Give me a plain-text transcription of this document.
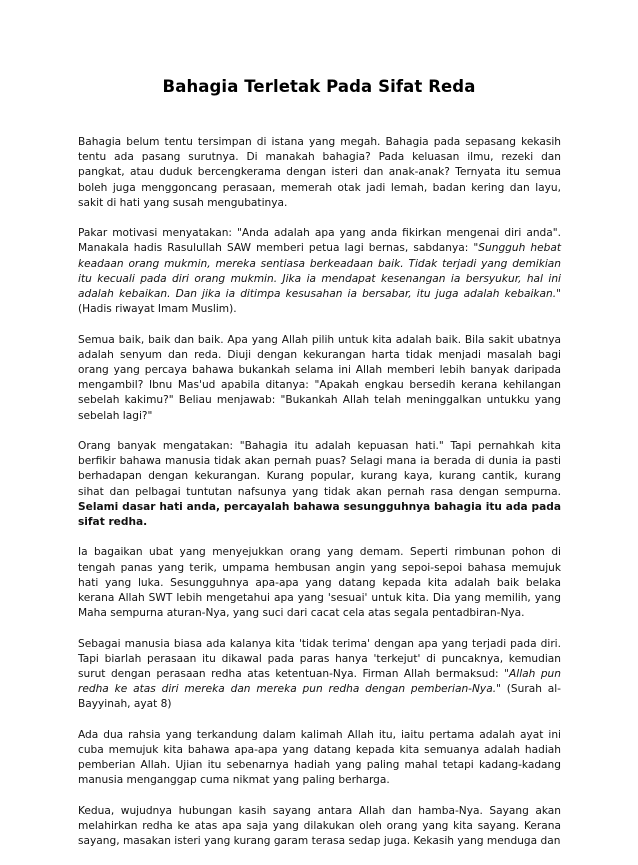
Bahagia Terletak Pada Sifat Reda

Bahagia belum tentu tersimpan di istana yang megah. Bahagia pada sepasang kekasih tentu ada pasang surutnya. Di manakah bahagia? Pada keluasan ilmu, rezeki dan pangkat, atau duduk bercengkerama dengan isteri dan anak-anak? Ternyata itu semua boleh juga menggoncang perasaan, memerah otak jadi lemah, badan kering dan layu, sakit di hati yang susah mengubatinya.

Pakar motivasi menyatakan: "Anda adalah apa yang anda fikirkan mengenai diri anda". Manakala hadis Rasulullah SAW memberi petua lagi bernas, sabdanya: "Sungguh hebat keadaan orang mukmin, mereka sentiasa berkeadaan baik. Tidak terjadi yang demikian itu kecuali pada diri orang mukmin. Jika ia mendapat kesenangan ia bersyukur, hal ini adalah kebaikan. Dan jika ia ditimpa kesusahan ia bersabar, itu juga adalah kebaikan." (Hadis riwayat Imam Muslim).

Semua baik, baik dan baik. Apa yang Allah pilih untuk kita adalah baik. Bila sakit ubatnya adalah senyum dan reda. Diuji dengan kekurangan harta tidak menjadi masalah bagi orang yang percaya bahawa bukankah selama ini Allah memberi lebih banyak daripada mengambil? Ibnu Mas'ud apabila ditanya: "Apakah engkau bersedih kerana kehilangan sebelah kakimu?" Beliau menjawab: "Bukankah Allah telah meninggalkan untukku yang sebelah lagi?"

Orang banyak mengatakan: "Bahagia itu adalah kepuasan hati." Tapi pernahkah kita berfikir bahawa manusia tidak akan pernah puas? Selagi mana ia berada di dunia ia pasti berhadapan dengan kekurangan. Kurang popular, kurang kaya, kurang cantik, kurang sihat dan pelbagai tuntutan nafsunya yang tidak akan pernah rasa dengan sempurna. Selami dasar hati anda, percayalah bahawa sesungguhnya bahagia itu ada pada sifat redha.

Ia bagaikan ubat yang menyejukkan orang yang demam. Seperti rimbunan pohon di tengah panas yang terik, umpama hembusan angin yang sepoi-sepoi bahasa memujuk hati yang luka. Sesungguhnya apa-apa yang datang kepada kita adalah baik belaka kerana Allah SWT lebih mengetahui apa yang 'sesuai' untuk kita. Dia yang memilih, yang Maha sempurna aturan-Nya, yang suci dari cacat cela atas segala pentadbiran-Nya.

Sebagai manusia biasa ada kalanya kita 'tidak terima' dengan apa yang terjadi pada diri. Tapi biarlah perasaan itu dikawal pada paras hanya 'terkejut' di puncaknya, kemudian surut dengan perasaan redha atas ketentuan-Nya. Firman Allah bermaksud: "Allah pun redha ke atas diri mereka dan mereka pun redha dengan pemberian-Nya." (Surah al-Bayyinah, ayat 8)

Ada dua rahsia yang terkandung dalam kalimah Allah itu, iaitu pertama adalah ayat ini cuba memujuk kita bahawa apa-apa yang datang kepada kita semuanya adalah hadiah pemberian Allah. Ujian itu sebenarnya hadiah yang paling mahal tetapi kadang-kadang manusia menganggap cuma nikmat yang paling berharga.

Kedua, wujudnya hubungan kasih sayang antara Allah dan hamba-Nya. Sayang akan melahirkan redha ke atas apa saja yang dilakukan oleh orang yang kita sayang. Kerana sayang, masakan isteri yang kurang garam terasa sedap juga. Kekasih yang menduga dan
